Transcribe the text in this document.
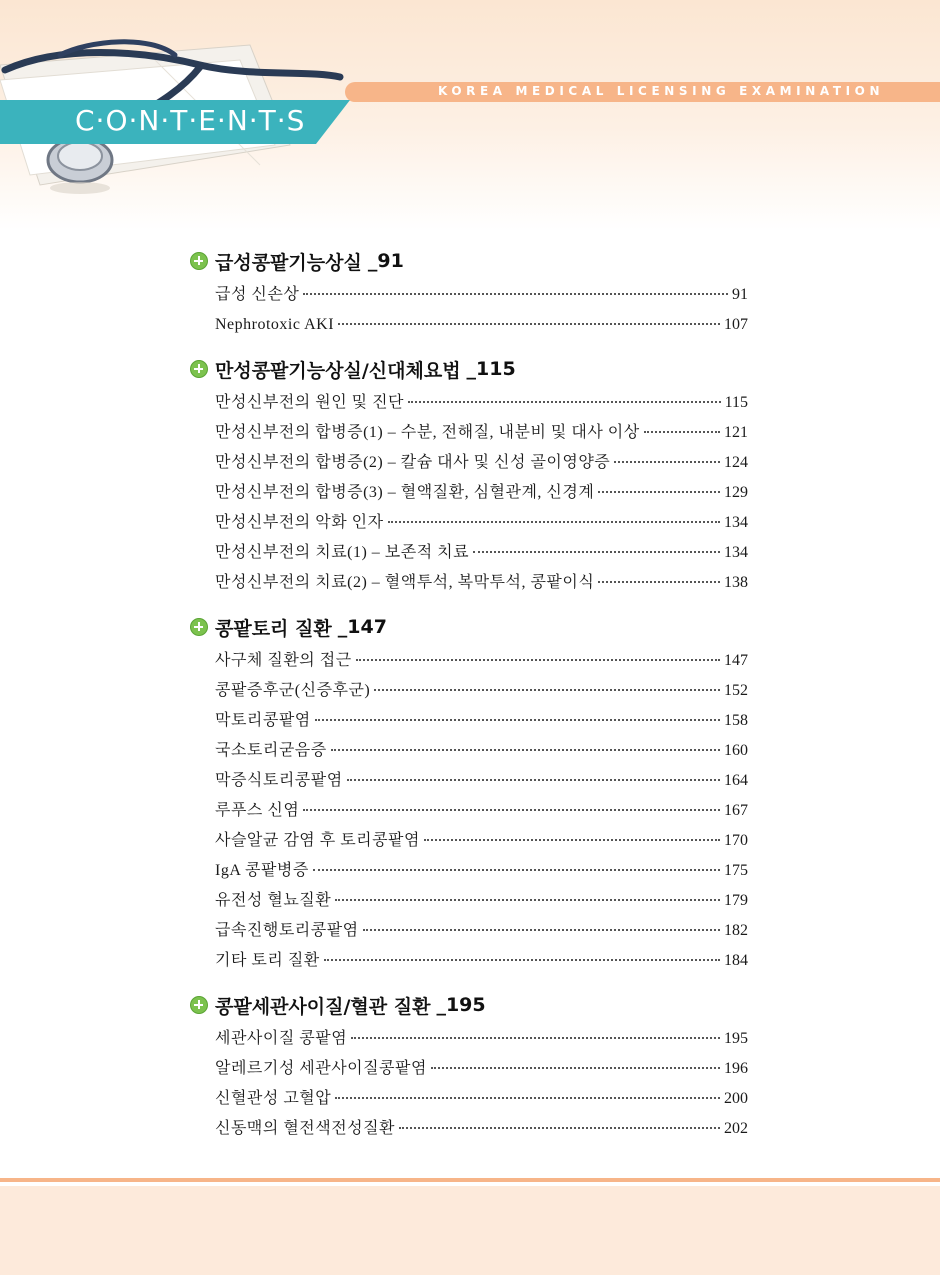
KOREA MEDICAL LICENSING EXAMINATION
C·O·N·T·E·N·T·S
급성콩팥기능상실 _91
급성 신손상	91
Nephrotoxic AKI	107
만성콩팥기능상실/신대체요법 _115
만성신부전의 원인 및 진단	115
만성신부전의 합병증(1) – 수분, 전해질, 내분비 및 대사 이상	121
만성신부전의 합병증(2) – 칼슘 대사 및 신성 골이영양증	124
만성신부전의 합병증(3) – 혈액질환, 심혈관계, 신경계	129
만성신부전의 악화 인자	134
만성신부전의 치료(1) – 보존적 치료	134
만성신부전의 치료(2) – 혈액투석, 복막투석, 콩팥이식	138
콩팥토리 질환 _147
사구체 질환의 접근	147
콩팥증후군(신증후군)	152
막토리콩팥염	158
국소토리굳음증	160
막증식토리콩팥염	164
루푸스 신염	167
사슬알균 감염 후 토리콩팥염	170
IgA 콩팥병증	175
유전성 혈뇨질환	179
급속진행토리콩팥염	182
기타 토리 질환	184
콩팥세관사이질/혈관 질환 _195
세관사이질 콩팥염	195
알레르기성 세관사이질콩팥염	196
신혈관성 고혈압	200
신동맥의 혈전색전성질환	202
